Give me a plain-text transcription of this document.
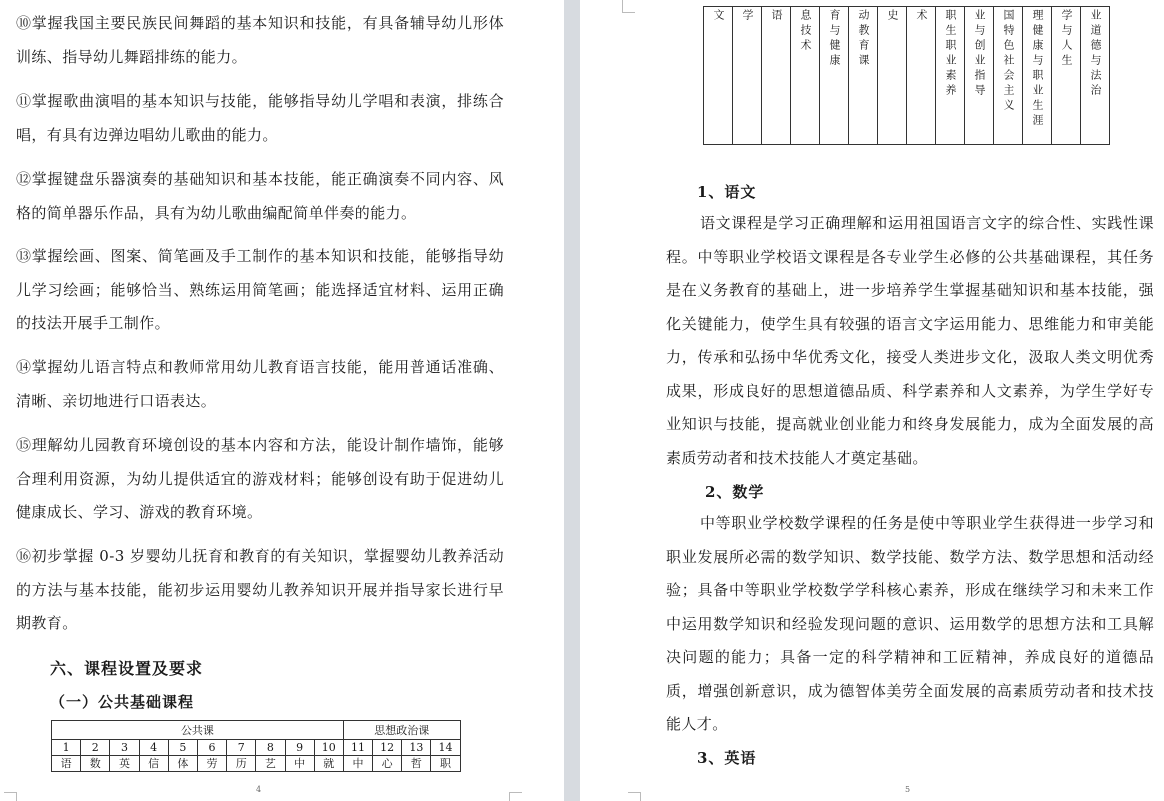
⑩掌握我国主要民族民间舞蹈的基本知识和技能，有具备辅导幼儿形体训练、指导幼儿舞蹈排练的能力。

⑪掌握歌曲演唱的基本知识与技能，能够指导幼儿学唱和表演，排练合唱，有具有边弹边唱幼儿歌曲的能力。

⑫掌握键盘乐器演奏的基础知识和基本技能，能正确演奏不同内容、风格的简单器乐作品，具有为幼儿歌曲编配简单伴奏的能力。

⑬掌握绘画、图案、简笔画及手工制作的基本知识和技能，能够指导幼儿学习绘画；能够恰当、熟练运用简笔画；能选择适宜材料、运用正确的技法开展手工制作。

⑭掌握幼儿语言特点和教师常用幼儿教育语言技能，能用普通话准确、清晰、亲切地进行口语表达。

⑮理解幼儿园教育环境创设的基本内容和方法，能设计制作墙饰，能够合理利用资源，为幼儿提供适宜的游戏材料；能够创设有助于促进幼儿健康成长、学习、游戏的教育环境。

⑯初步掌握 0-3 岁婴幼儿抚育和教育的有关知识，掌握婴幼儿教养活动的方法与基本技能，能初步运用婴幼儿教养知识开展并指导家长进行早期教育。

六、课程设置及要求
（一）公共基础课程
公共课										思想政治课			
1	2	3	4	5	6	7	8	9	10	11	12	13	14
语	数	英	信	体	劳	历	艺	中	就	中	心	哲	职
4	5
文	学	语	息技术	育与健康	动教育课	史	术	职生职业素养	业与创业指导	国特色社会主义	理健康与职业生涯	学与人生	业道德与法治
1、语文

语文课程是学习正确理解和运用祖国语言文字的综合性、实践性课程。中等职业学校语文课程是各专业学生必修的公共基础课程，其任务是在义务教育的基础上，进一步培养学生掌握基础知识和基本技能，强化关键能力，使学生具有较强的语言文字运用能力、思维能力和审美能力，传承和弘扬中华优秀文化，接受人类进步文化，汲取人类文明优秀成果，形成良好的思想道德品质、科学素养和人文素养，为学生学好专业知识与技能，提高就业创业能力和终身发展能力，成为全面发展的高素质劳动者和技术技能人才奠定基础。

2、数学

中等职业学校数学课程的任务是使中等职业学生获得进一步学习和职业发展所必需的数学知识、数学技能、数学方法、数学思想和活动经验；具备中等职业学校数学学科核心素养，形成在继续学习和未来工作中运用数学知识和经验发现问题的意识、运用数学的思想方法和工具解决问题的能力；具备一定的科学精神和工匠精神，养成良好的道德品质，增强创新意识，成为德智体美劳全面发展的高素质劳动者和技术技能人才。

3、英语
